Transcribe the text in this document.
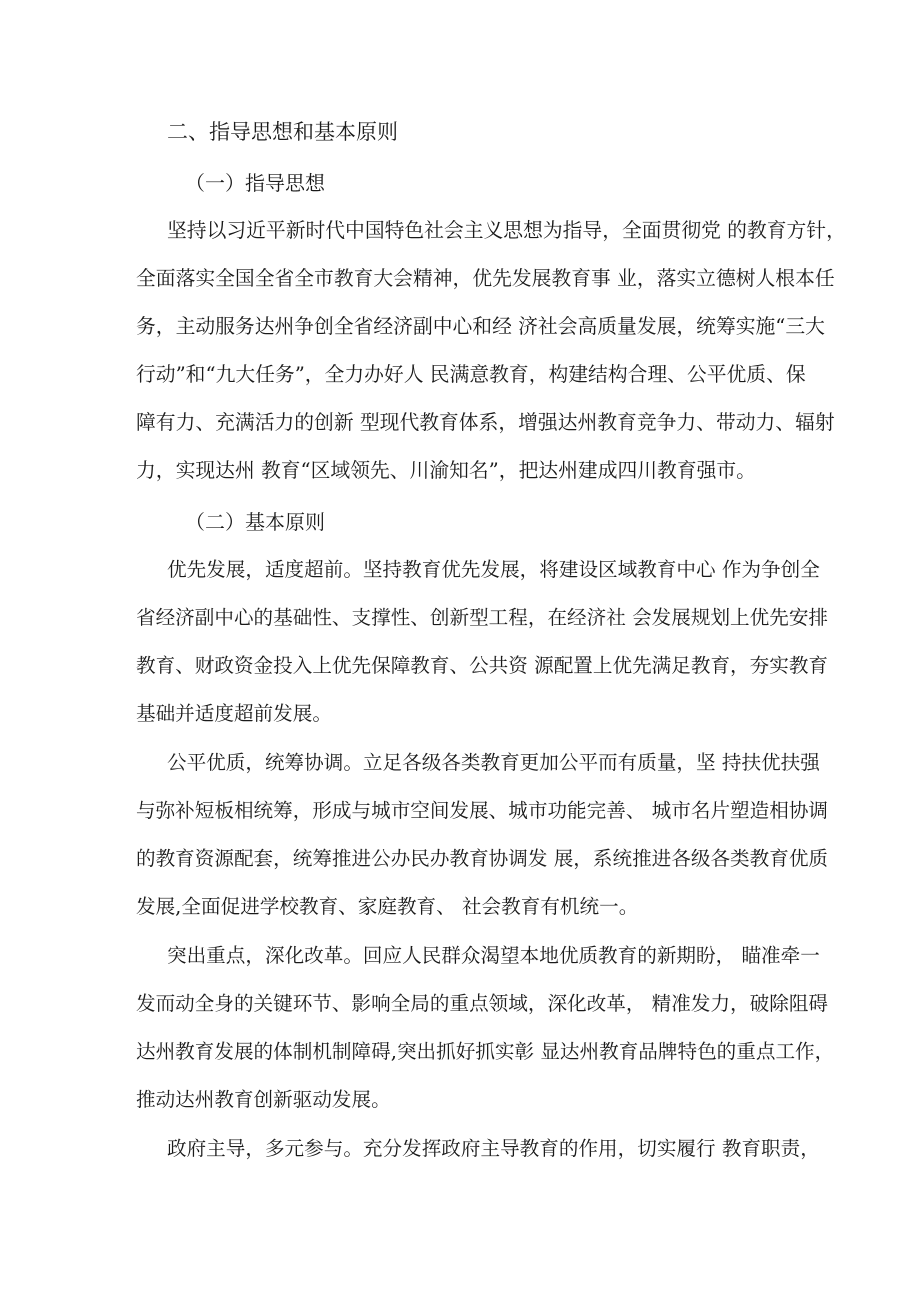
二、指导思想和基本原则

（一）指导思想

坚持以习近平新时代中国特色社会主义思想为指导，全面贯彻党 的教育方针，

全面落实全国全省全市教育大会精神，优先发展教育事 业，落实立德树人根本任

务，主动服务达州争创全省经济副中心和经 济社会高质量发展，统筹实施“三大

行动”和“九大任务”，全力办好人 民满意教育，构建结构合理、公平优质、保

障有力、充满活力的创新 型现代教育体系，增强达州教育竞争力、带动力、辐射

力，实现达州 教育“区域领先、川渝知名”，把达州建成四川教育强市。

（二）基本原则

优先发展，适度超前。坚持教育优先发展，将建设区域教育中心 作为争创全

省经济副中心的基础性、支撑性、创新型工程，在经济社 会发展规划上优先安排

教育、财政资金投入上优先保障教育、公共资 源配置上优先满足教育，夯实教育

基础并适度超前发展。

公平优质，统筹协调。立足各级各类教育更加公平而有质量，坚 持扶优扶强

与弥补短板相统筹，形成与城市空间发展、城市功能完善、 城市名片塑造相协调

的教育资源配套，统筹推进公办民办教育协调发 展，系统推进各级各类教育优质

发展,全面促进学校教育、家庭教育、 社会教育有机统一。

突出重点，深化改革。回应人民群众渴望本地优质教育的新期盼， 瞄准牵一

发而动全身的关键环节、影响全局的重点领域，深化改革， 精准发力，破除阻碍

达州教育发展的体制机制障碍,突出抓好抓实彰 显达州教育品牌特色的重点工作，

推动达州教育创新驱动发展。

政府主导，多元参与。充分发挥政府主导教育的作用，切实履行 教育职责，
